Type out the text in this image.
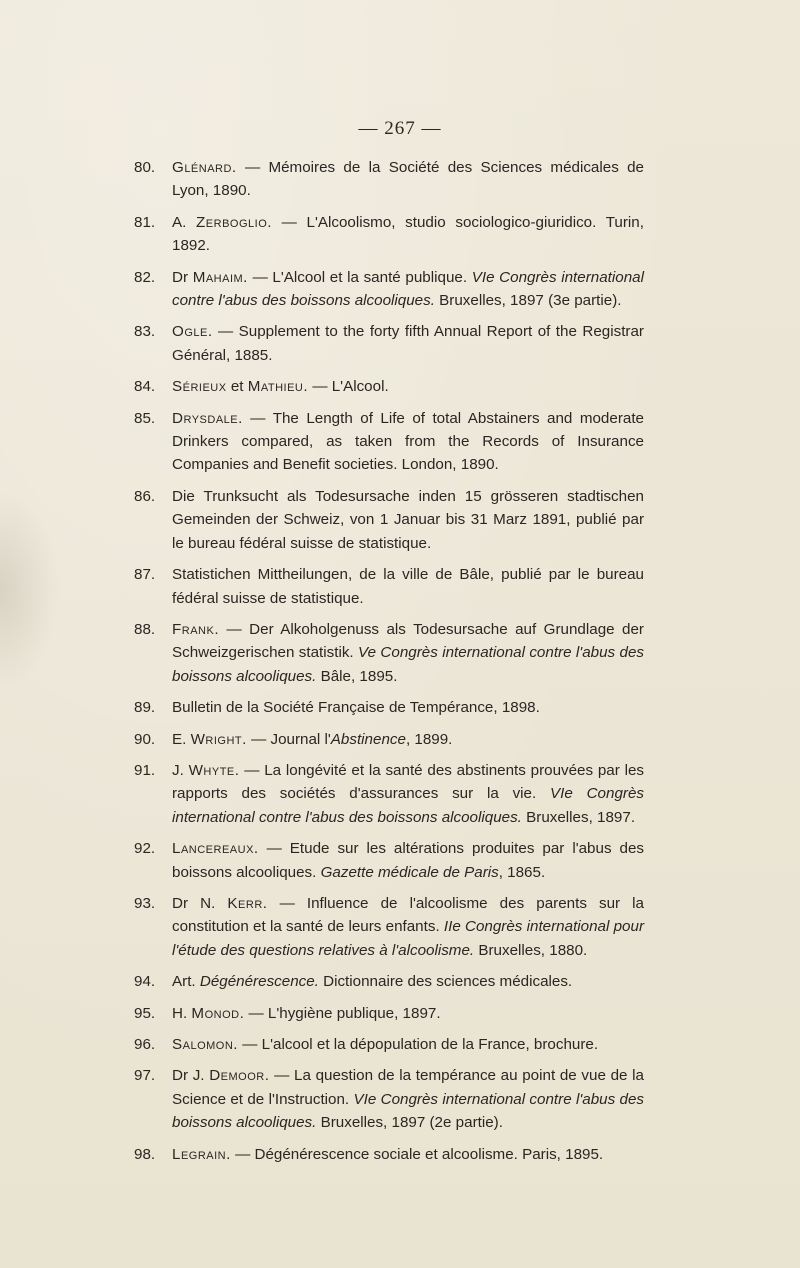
— 267 —
80. Glénard. — Mémoires de la Société des Sciences médicales de Lyon, 1890.
81. A. Zerboglio. — L'Alcoolismo, studio sociologico-giuridico. Turin, 1892.
82. Dr Mahaim. — L'Alcool et la santé publique. VIe Congrès international contre l'abus des boissons alcooliques. Bruxelles, 1897 (3e partie).
83. Ogle. — Supplement to the forty fifth Annual Report of the Registrar Général, 1885.
84. Sérieux et Mathieu. — L'Alcool.
85. Drysdale. — The Length of Life of total Abstainers and moderate Drinkers compared, as taken from the Records of Insurance Companies and Benefit societies. London, 1890.
86. Die Trunksucht als Todesursache inden 15 grösseren stadtischen Gemeinden der Schweiz, von 1 Januar bis 31 Marz 1891, publié par le bureau fédéral suisse de statistique.
87. Statistichen Mittheilungen, de la ville de Bâle, publié par le bureau fédéral suisse de statistique.
88. Frank. — Der Alkoholgenuss als Todesursache auf Grundlage der Schweizgerischen statistik. Ve Congrès international contre l'abus des boissons alcooliques. Bâle, 1895.
89. Bulletin de la Société Française de Tempérance, 1898.
90. E. Wright. — Journal l'Abstinence, 1899.
91. J. Whyte. — La longévité et la santé des abstinents prouvées par les rapports des sociétés d'assurances sur la vie. VIe Congrès international contre l'abus des boissons alcooliques. Bruxelles, 1897.
92. Lancereaux. — Etude sur les altérations produites par l'abus des boissons alcooliques. Gazette médicale de Paris, 1865.
93. Dr N. Kerr. — Influence de l'alcoolisme des parents sur la constitution et la santé de leurs enfants. IIe Congrès international pour l'étude des questions relatives à l'alcoolisme. Bruxelles, 1880.
94. Art. Dégénérescence. Dictionnaire des sciences médicales.
95. H. Monod. — L'hygiène publique, 1897.
96. Salomon. — L'alcool et la dépopulation de la France, brochure.
97. Dr J. Demoor. — La question de la tempérance au point de vue de la Science et de l'Instruction. VIe Congrès international contre l'abus des boissons alcooliques. Bruxelles, 1897 (2e partie).
98. Legrain. — Dégénérescence sociale et alcoolisme. Paris, 1895.
